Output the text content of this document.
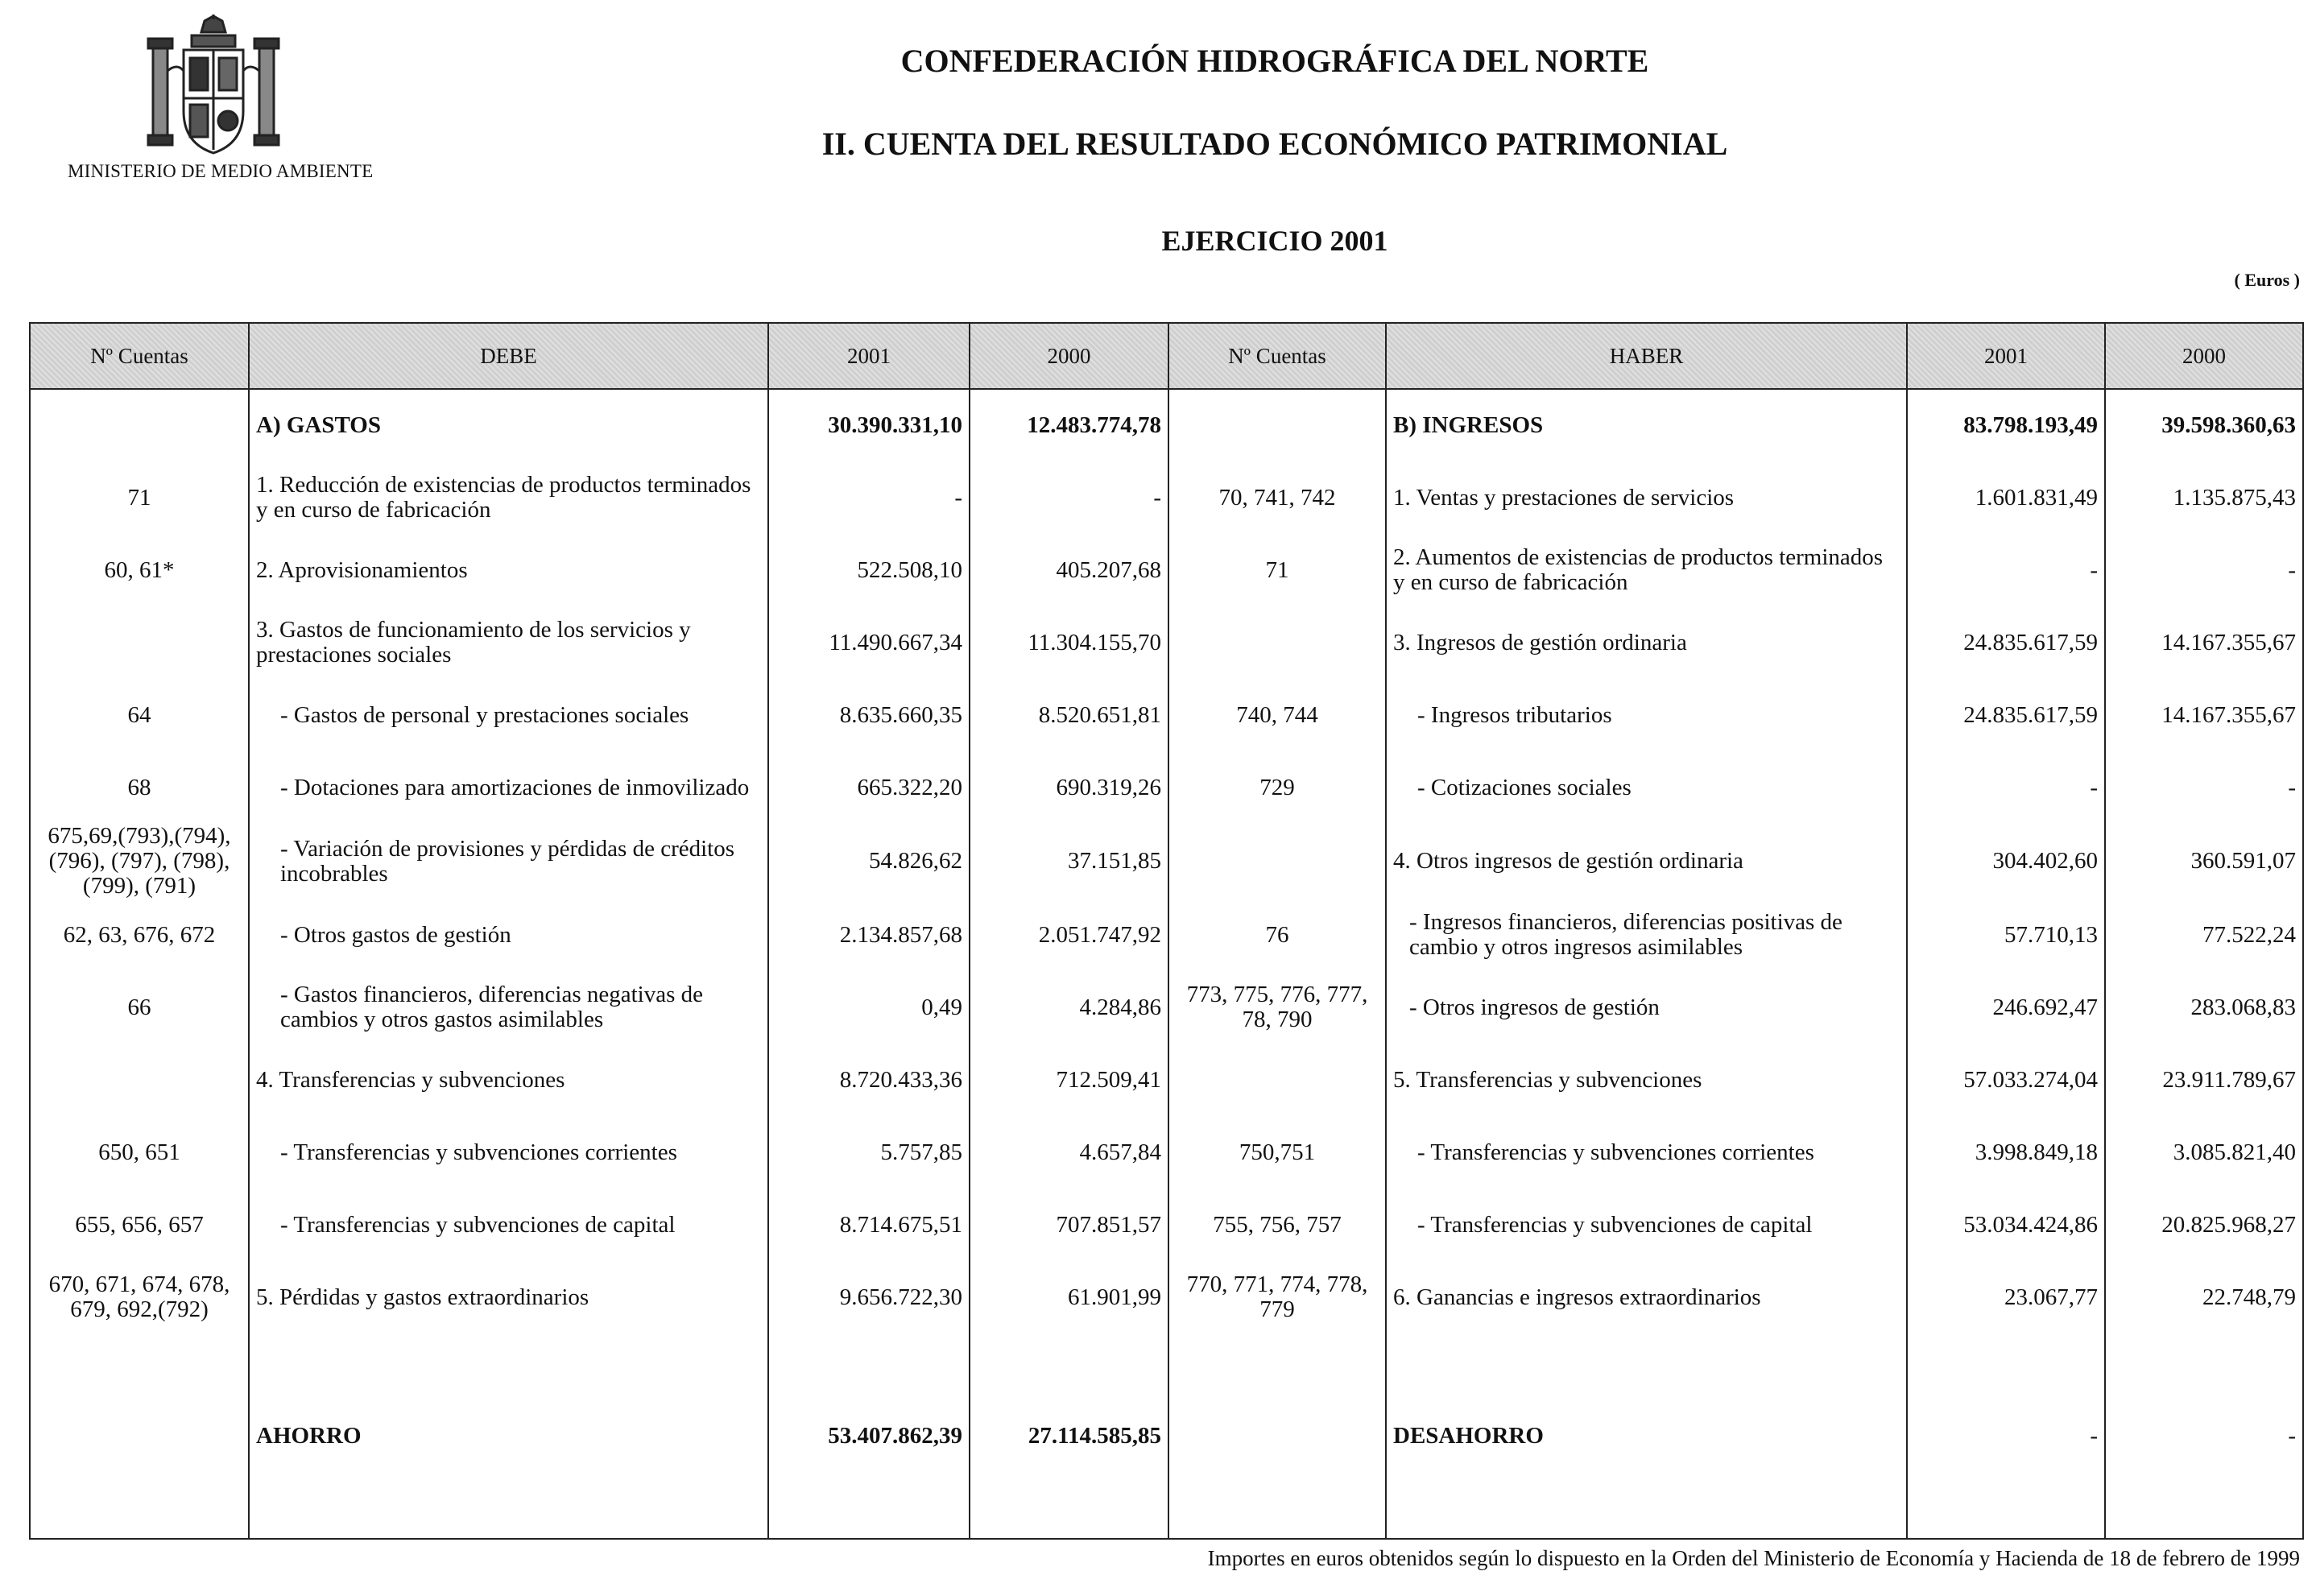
MINISTERIO DE MEDIO AMBIENTE
CONFEDERACIÓN HIDROGRÁFICA DEL NORTE
II. CUENTA DEL RESULTADO ECONÓMICO PATRIMONIAL
EJERCICIO 2001
( Euros )
Nº Cuentas	DEBE	2001	2000	Nº Cuentas	HABER	2001	2000
	A) GASTOS	30.390.331,10	12.483.774,78		B) INGRESOS	83.798.193,49	39.598.360,63
71	1. Reducción de existencias de productos terminados y en curso de fabricación	-	-	70, 741, 742	1. Ventas y prestaciones de servicios	1.601.831,49	1.135.875,43
60, 61*	2. Aprovisionamientos	522.508,10	405.207,68	71	2. Aumentos de existencias de productos terminados y en curso de fabricación	-	-
	3. Gastos de funcionamiento de los servicios y prestaciones sociales	11.490.667,34	11.304.155,70		3. Ingresos de gestión ordinaria	24.835.617,59	14.167.355,67
64	- Gastos de personal y prestaciones sociales	8.635.660,35	8.520.651,81	740, 744	- Ingresos tributarios	24.835.617,59	14.167.355,67
68	- Dotaciones para amortizaciones de inmovilizado	665.322,20	690.319,26	729	- Cotizaciones sociales	-	-
675,69,(793),(794), (796), (797), (798), (799), (791)	- Variación de provisiones y pérdidas de créditos incobrables	54.826,62	37.151,85		4. Otros ingresos de gestión ordinaria	304.402,60	360.591,07
62, 63, 676, 672	- Otros gastos de gestión	2.134.857,68	2.051.747,92	76	- Ingresos financieros, diferencias positivas de cambio y otros ingresos asimilables	57.710,13	77.522,24
66	- Gastos financieros, diferencias negativas de cambios y otros gastos asimilables	0,49	4.284,86	773, 775, 776, 777, 78, 790	- Otros ingresos de gestión	246.692,47	283.068,83
	4. Transferencias y subvenciones	8.720.433,36	712.509,41		5. Transferencias y subvenciones	57.033.274,04	23.911.789,67
650, 651	- Transferencias y subvenciones corrientes	5.757,85	4.657,84	750,751	- Transferencias y subvenciones corrientes	3.998.849,18	3.085.821,40
655, 656, 657	- Transferencias y subvenciones de capital	8.714.675,51	707.851,57	755, 756, 757	- Transferencias y subvenciones de capital	53.034.424,86	20.825.968,27
670, 671, 674, 678, 679, 692,(792)	5. Pérdidas y gastos extraordinarios	9.656.722,30	61.901,99	770, 771, 774, 778, 779	6. Ganancias e ingresos extraordinarios	23.067,77	22.748,79
	AHORRO	53.407.862,39	27.114.585,85		DESAHORRO	-	-
Importes en euros obtenidos según lo dispuesto en la Orden del Ministerio de Economía y Hacienda de 18 de febrero de 1999
